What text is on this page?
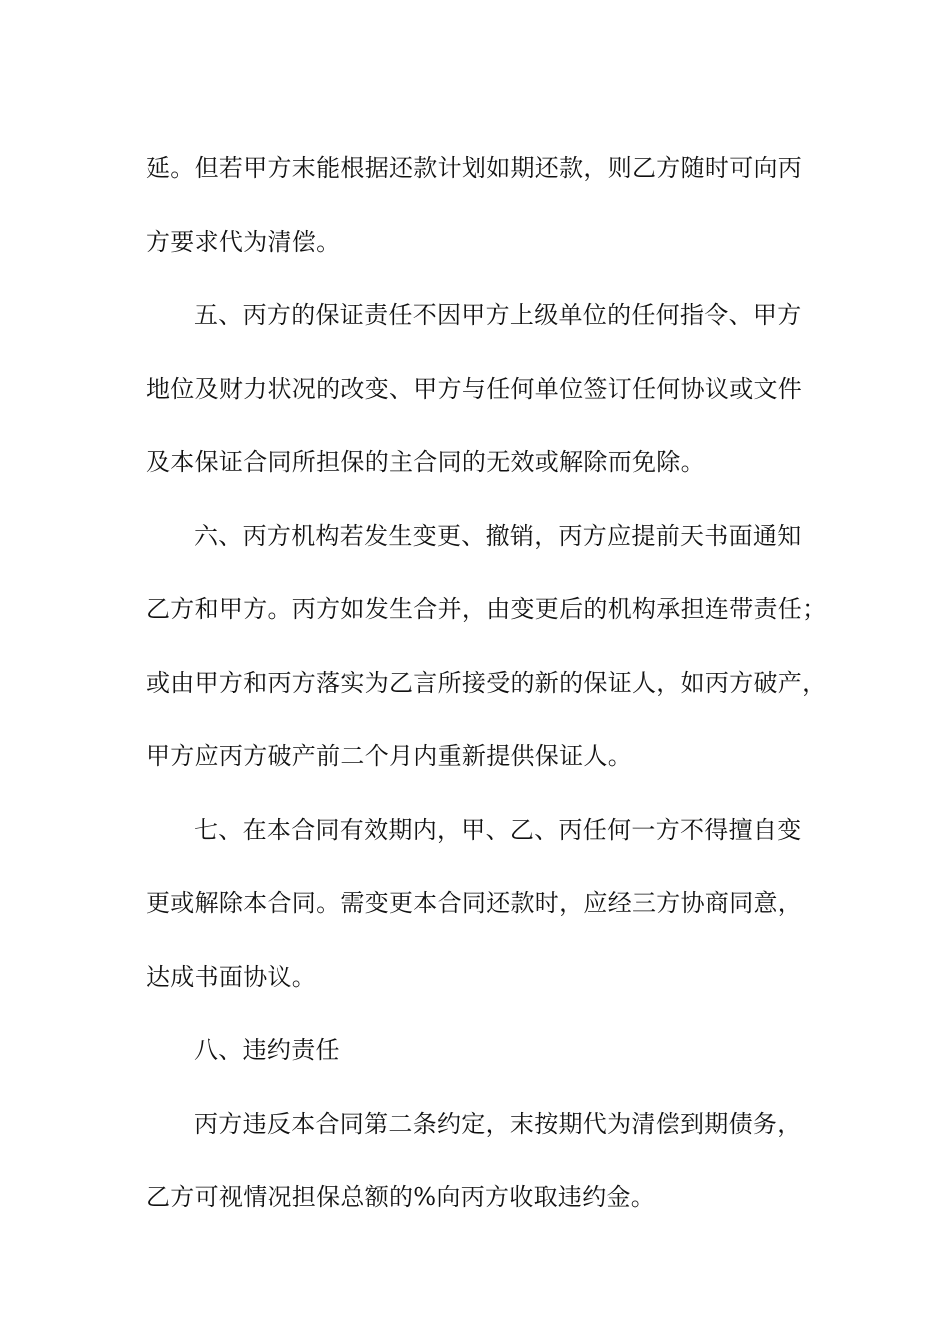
延。但若甲方末能根据还款计划如期还款，则乙方随时可向丙
方要求代为清偿。
五、丙方的保证责任不因甲方上级单位的任何指令、甲方
地位及财力状况的改变、甲方与任何单位签订任何协议或文件
及本保证合同所担保的主合同的无效或解除而免除。
六、丙方机构若发生变更、撤销，丙方应提前天书面通知
乙方和甲方。丙方如发生合并，由变更后的机构承担连带责任；
或由甲方和丙方落实为乙言所接受的新的保证人，如丙方破产，
甲方应丙方破产前二个月内重新提供保证人。
七、在本合同有效期内，甲、乙、丙任何一方不得擅自变
更或解除本合同。需变更本合同还款时，应经三方协商同意，
达成书面协议。
八、违约责任
丙方违反本合同第二条约定，末按期代为清偿到期债务，
乙方可视情况担保总额的%向丙方收取违约金。
